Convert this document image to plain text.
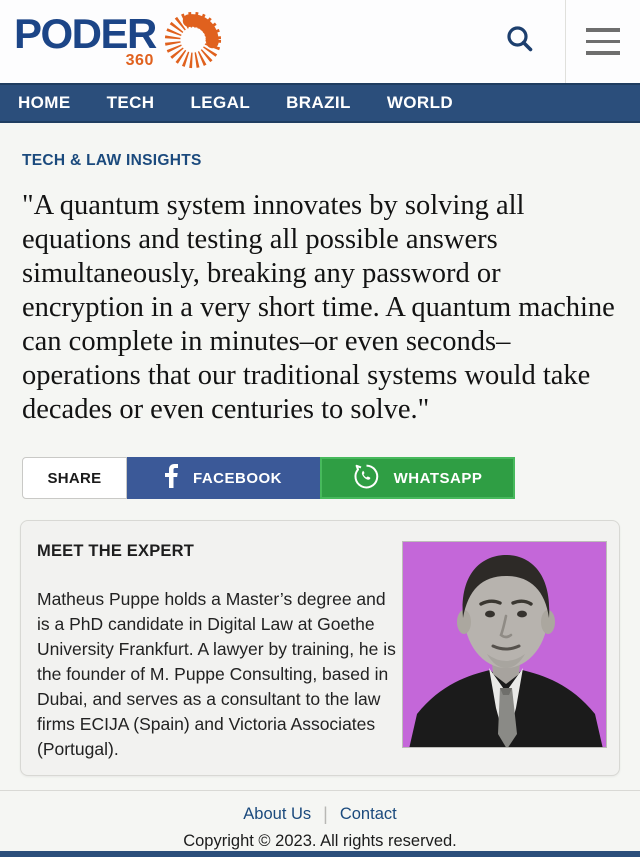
PODER
360
HOME TECH LEGAL BRAZIL WORLD
TECH & LAW INSIGHTS
"A quantum system innovates by solving all equations and testing all possible answers simultaneously, breaking any password or encryption in a very short time. A quantum machine can complete in minutes–or even seconds–operations that our traditional systems would take decades or even centuries to solve."
SHARE	FACEBOOK	WHATSAPP
MEET THE EXPERT

Matheus Puppe holds a Master’s degree and is a PhD candidate in Digital Law at Goethe University Frankfurt. A lawyer by training, he is the founder of M. Puppe Consulting, based in Dubai, and serves as a consultant to the law firms ECIJA (Spain) and Victoria Associates (Portugal).

About Us | Contact
Copyright © 2023. All rights reserved.
